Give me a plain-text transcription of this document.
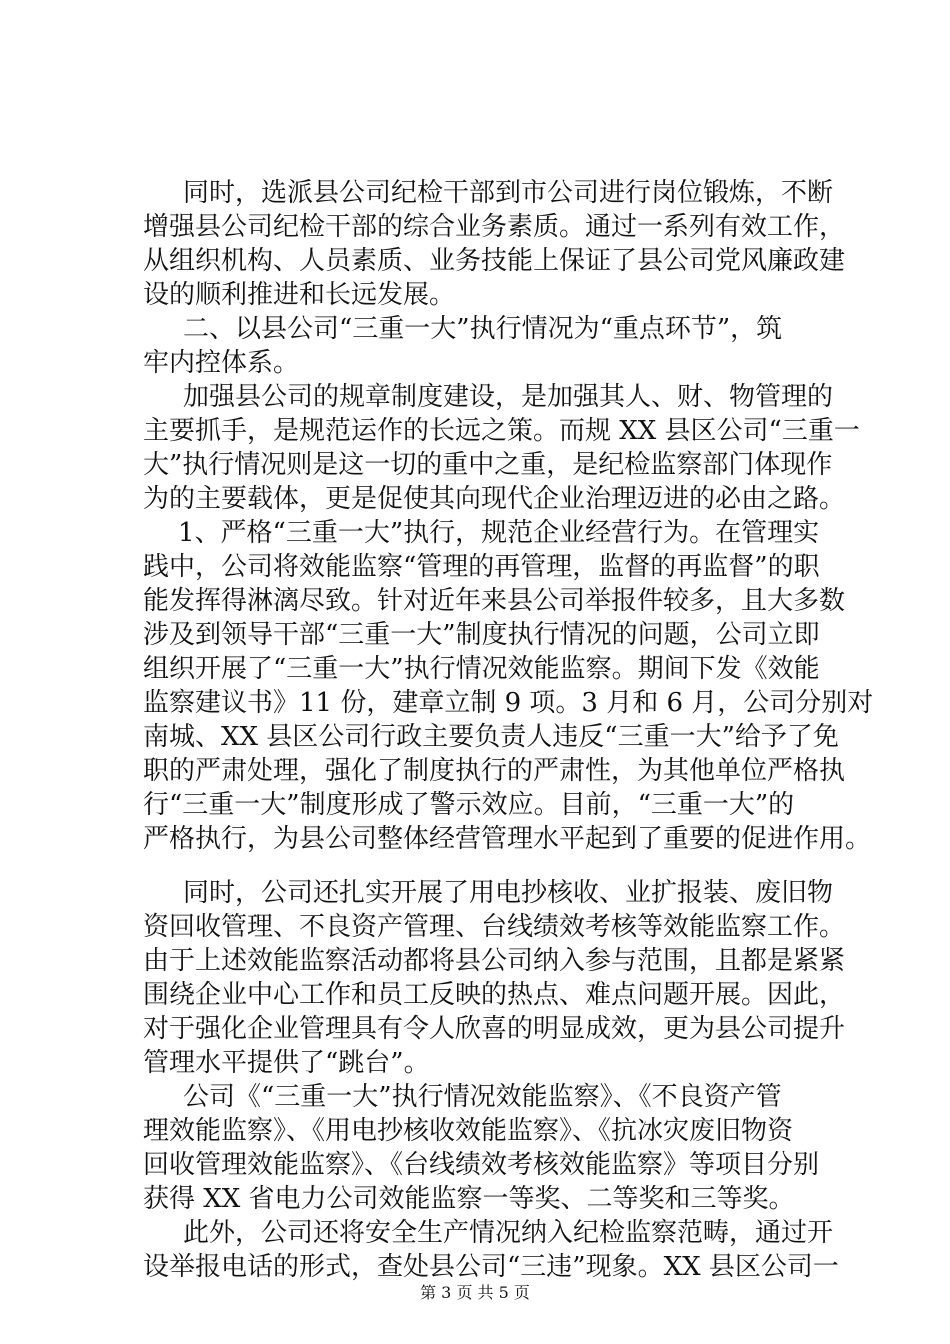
同时，选派县公司纪检干部到市公司进行岗位锻炼，不断
增强县公司纪检干部的综合业务素质。通过一系列有效工作，
从组织机构、人员素质、业务技能上保证了县公司党风廉政建
设的顺利推进和长远发展。
二、以县公司“三重一大”执行情况为“重点环节”，筑
牢内控体系。
加强县公司的规章制度建设，是加强其人、财、物管理的
主要抓手，是规范运作的长远之策。而规 XX 县区公司“三重一
大”执行情况则是这一切的重中之重，是纪检监察部门体现作
为的主要载体，更是促使其向现代企业治理迈进的必由之路。
1、严格“三重一大”执行，规范企业经营行为。在管理实
践中，公司将效能监察“管理的再管理，监督的再监督”的职
能发挥得淋漓尽致。针对近年来县公司举报件较多，且大多数
涉及到领导干部“三重一大”制度执行情况的问题，公司立即
组织开展了“三重一大”执行情况效能监察。期间下发《效能
监察建议书》11 份，建章立制 9 项。3 月和 6 月，公司分别对
南城、XX 县区公司行政主要负责人违反“三重一大”给予了免
职的严肃处理，强化了制度执行的严肃性，为其他单位严格执
行“三重一大”制度形成了警示效应。目前，“三重一大”的
严格执行，为县公司整体经营管理水平起到了重要的促进作用。
同时，公司还扎实开展了用电抄核收、业扩报装、废旧物
资回收管理、不良资产管理、台线绩效考核等效能监察工作。
由于上述效能监察活动都将县公司纳入参与范围，且都是紧紧
围绕企业中心工作和员工反映的热点、难点问题开展。因此，
对于强化企业管理具有令人欣喜的明显成效，更为县公司提升
管理水平提供了“跳台”。
公司《“三重一大”执行情况效能监察》、《不良资产管
理效能监察》、《用电抄核收效能监察》、《抗冰灾废旧物资
回收管理效能监察》、《台线绩效考核效能监察》等项目分别
获得 XX 省电力公司效能监察一等奖、二等奖和三等奖。
此外，公司还将安全生产情况纳入纪检监察范畴，通过开
设举报电话的形式，查处县公司“三违”现象。XX 县区公司一
第 3 页 共 5 页
